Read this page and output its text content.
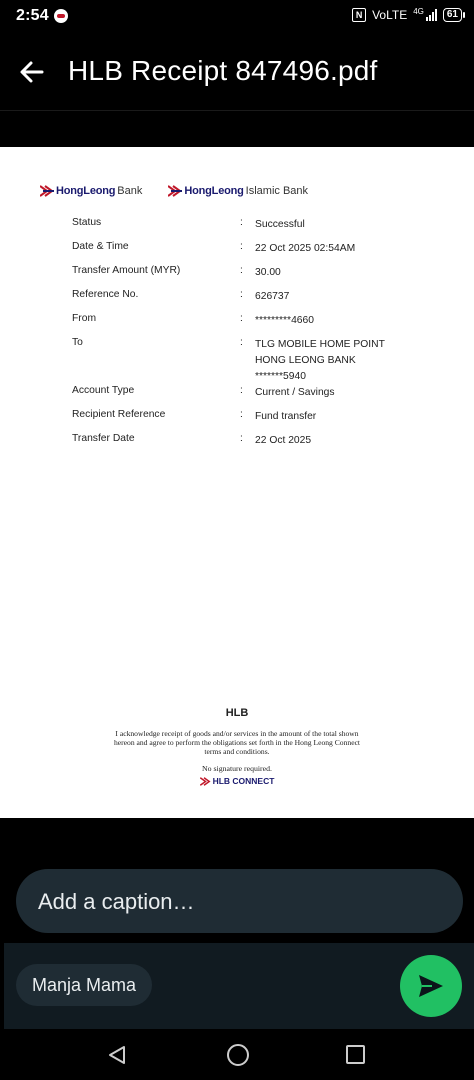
2:54	N VoLTE 4G	61
HLB Receipt 847496.pdf
HongLeong Bank	HongLeong Islamic Bank
Status	:	Successful
Date & Time	:	22 Oct 2025 02:54AM
Transfer Amount (MYR)	:	30.00
Reference No.	:	626737
From	:	*********4660
To	:	TLG MOBILE HOME POINT
HONG LEONG BANK
*******5940
Account Type	:	Current / Savings
Recipient Reference	:	Fund transfer
Transfer Date	:	22 Oct 2025
HLB
I acknowledge receipt of goods and/or services in the amount of the total shown
hereon and agree to perform the obligations set forth in the Hong Leong Connect
terms and conditions.
No signature required.
HLB CONNECT
Add a caption…
Manja Mama
